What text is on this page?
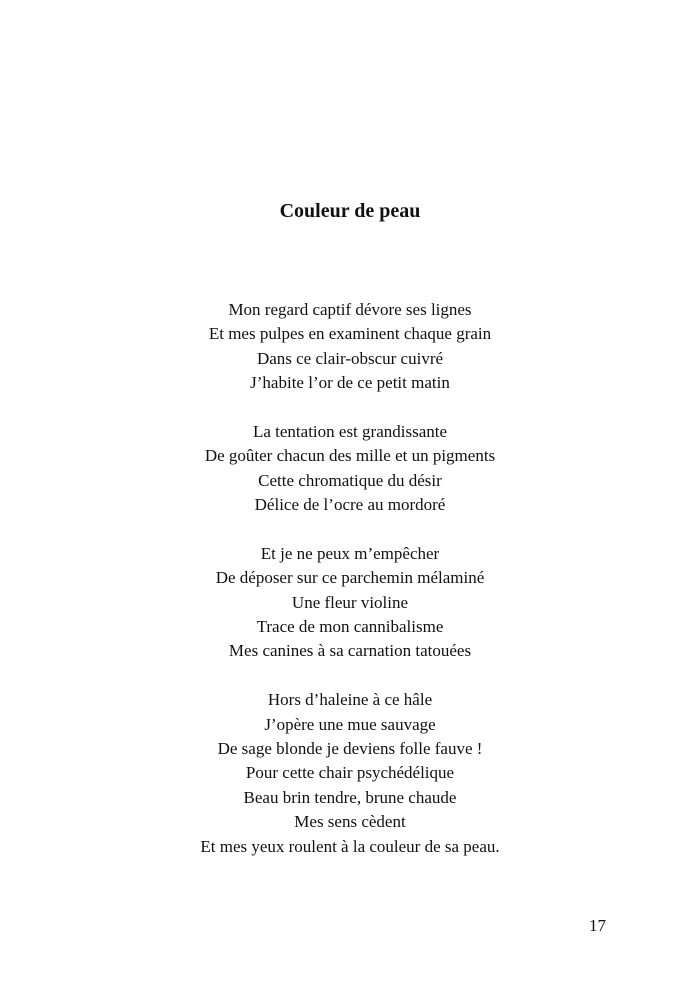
Couleur de peau
Mon regard captif dévore ses lignes
Et mes pulpes en examinent chaque grain
Dans ce clair-obscur cuivré
J’habite l’or de ce petit matin
La tentation est grandissante
De goûter chacun des mille et un pigments
Cette chromatique du désir
Délice de l’ocre au mordoré
Et je ne peux m’empêcher
De déposer sur ce parchemin mélaminé
Une fleur violine
Trace de mon cannibalisme
Mes canines à sa carnation tatouées
Hors d’haleine à ce hâle
J’opère une mue sauvage
De sage blonde je deviens folle fauve !
Pour cette chair psychédélique
Beau brin tendre, brune chaude
Mes sens cèdent
Et mes yeux roulent à la couleur de sa peau.
17
